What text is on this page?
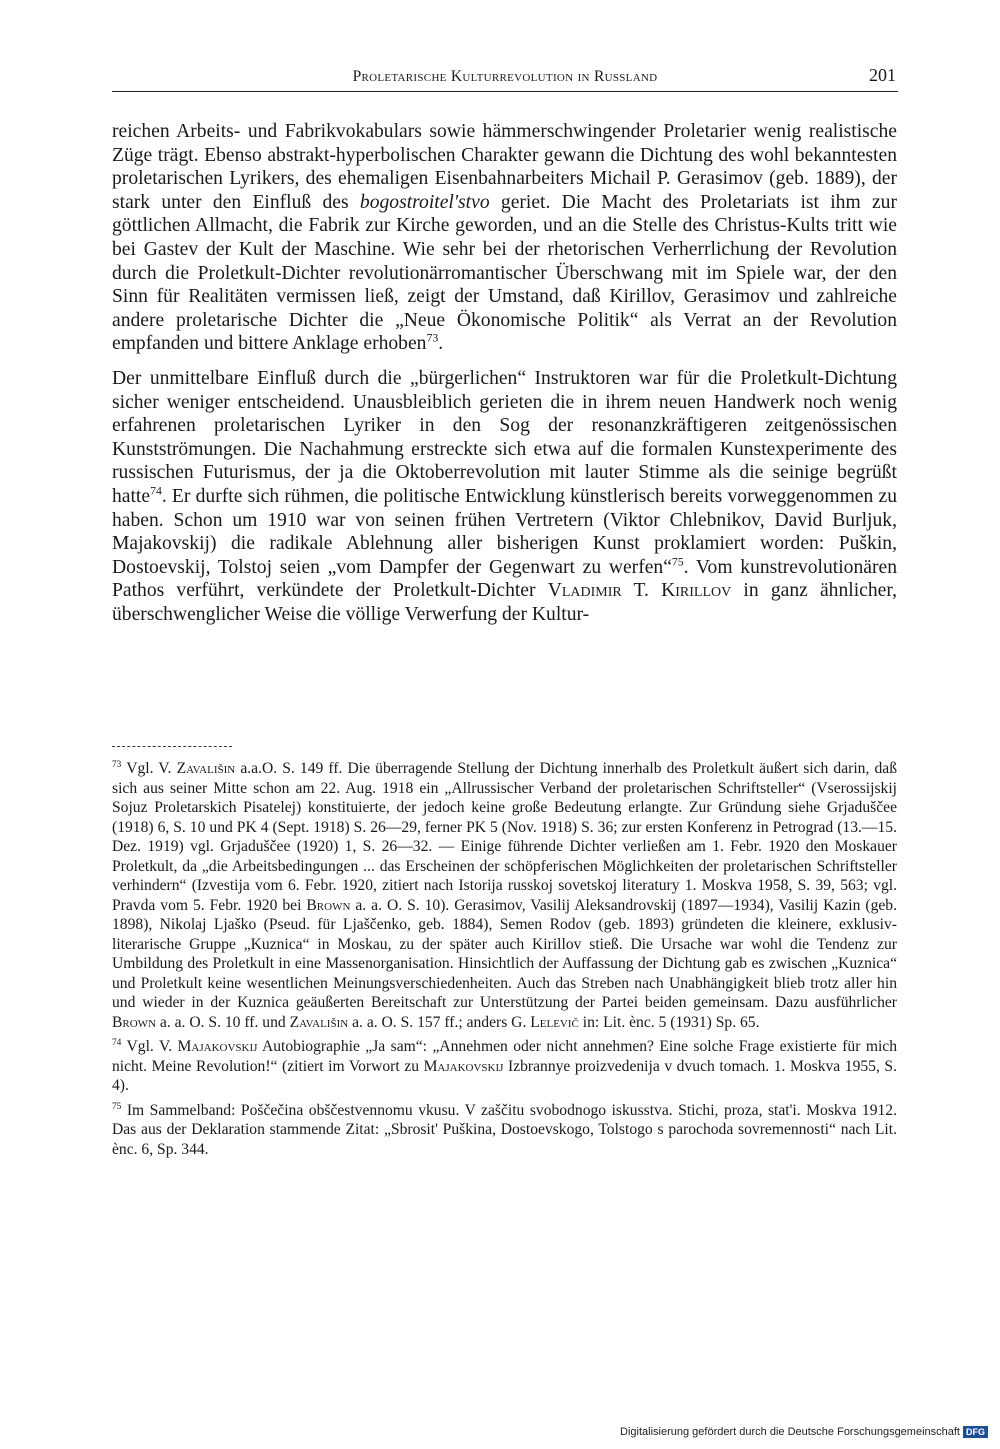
Proletarische Kulturrevolution in Russland	201

reichen Arbeits- und Fabrikvokabulars sowie hämmerschwingender Proletarier wenig realistische Züge trägt. Ebenso abstrakt-hyperbolischen Charakter gewann die Dichtung des wohl bekanntesten proletarischen Lyrikers, des ehemaligen Eisenbahnarbeiters Michail P. Gerasimov (geb. 1889), der stark unter den Einfluß des bogostroitel'stvo geriet. Die Macht des Proletariats ist ihm zur göttlichen Allmacht, die Fabrik zur Kirche geworden, und an die Stelle des Christus-Kults tritt wie bei Gastev der Kult der Maschine. Wie sehr bei der rhetorischen Verherrlichung der Revolution durch die Proletkult-Dichter revolutionärromantischer Überschwang mit im Spiele war, der den Sinn für Realitäten vermissen ließ, zeigt der Umstand, daß Kirillov, Gerasimov und zahlreiche andere proletarische Dichter die „Neue Ökonomische Politik“ als Verrat an der Revolution empfanden und bittere Anklage erhoben$^{73}$.

Der unmittelbare Einfluß durch die „bürgerlichen“ Instruktoren war für die Proletkult-Dichtung sicher weniger entscheidend. Unausbleiblich gerieten die in ihrem neuen Handwerk noch wenig erfahrenen proletarischen Lyriker in den Sog der resonanzkräftigeren zeitgenössischen Kunstströmungen. Die Nachahmung erstreckte sich etwa auf die formalen Kunstexperimente des russischen Futurismus, der ja die Oktoberrevolution mit lauter Stimme als die seinige begrüßt hatte$^{74}$. Er durfte sich rühmen, die politische Entwicklung künstlerisch bereits vorweggenommen zu haben. Schon um 1910 war von seinen frühen Vertretern (Viktor Chlebnikov, David Burljuk, Majakovskij) die radikale Ablehnung aller bisherigen Kunst proklamiert worden: Puškin, Dostoevskij, Tolstoj seien „vom Dampfer der Gegenwart zu werfen“$^{75}$. Vom kunstrevolutionären Pathos verführt, verkündete der Proletkult-Dichter Vladimir T. Kirillov in ganz ähnlicher, überschwenglicher Weise die völlige Verwerfung der Kultur-

$^{73}$ Vgl. V. Zavališin a.a.O. S. 149 ff. Die überragende Stellung der Dichtung innerhalb des Proletkult äußert sich darin, daß sich aus seiner Mitte schon am 22. Aug. 1918 ein „Allrussischer Verband der proletarischen Schriftsteller“ (Vserossijskij Sojuz Proletarskich Pisatelej) konstituierte, der jedoch keine große Bedeutung erlangte. Zur Gründung siehe Grjaduščee (1918) 6, S. 10 und PK 4 (Sept. 1918) S. 26—29, ferner PK 5 (Nov. 1918) S. 36; zur ersten Konferenz in Petrograd (13.—15. Dez. 1919) vgl. Grjaduščee (1920) 1, S. 26—32. — Einige führende Dichter verließen am 1. Febr. 1920 den Moskauer Proletkult, da „die Arbeitsbedingungen ... das Erscheinen der schöpferischen Möglichkeiten der proletarischen Schriftsteller verhindern“ (Izvestija vom 6. Febr. 1920, zitiert nach Istorija russkoj sovetskoj literatury 1. Moskva 1958, S. 39, 563; vgl. Pravda vom 5. Febr. 1920 bei Brown a. a. O. S. 10). Gerasimov, Vasilij Aleksandrovskij (1897—1934), Vasilij Kazin (geb. 1898), Nikolaj Ljaško (Pseud. für Ljaščenko, geb. 1884), Semen Rodov (geb. 1893) gründeten die kleinere, exklusiv-literarische Gruppe „Kuznica“ in Moskau, zu der später auch Kirillov stieß. Die Ursache war wohl die Tendenz zur Umbildung des Proletkult in eine Massenorganisation. Hinsichtlich der Auffassung der Dichtung gab es zwischen „Kuznica“ und Proletkult keine wesentlichen Meinungsverschiedenheiten. Auch das Streben nach Unabhängigkeit blieb trotz aller hin und wieder in der Kuznica geäußerten Bereitschaft zur Unterstützung der Partei beiden gemeinsam. Dazu ausführlicher Brown a. a. O. S. 10 ff. und Zavališin a. a. O. S. 157 ff.; anders G. Lelevič in: Lit. ènc. 5 (1931) Sp. 65.

$^{74}$ Vgl. V. Majakovskij Autobiographie „Ja sam“: „Annehmen oder nicht annehmen? Eine solche Frage existierte für mich nicht. Meine Revolution!“ (zitiert im Vorwort zu Majakovskij Izbrannye proizvedenija v dvuch tomach. 1. Moskva 1955, S. 4).

$^{75}$ Im Sammelband: Poščečina obščestvennomu vkusu. V zaščitu svobodnogo iskusstva. Stichi, proza, stat'i. Moskva 1912. Das aus der Deklaration stammende Zitat: „Sbrosit' Puškina, Dostoevskogo, Tolstogo s parochoda sovremennosti“ nach Lit. ènc. 6, Sp. 344.

Digitalisierung gefördert durch die Deutsche Forschungsgemeinschaft DFG
